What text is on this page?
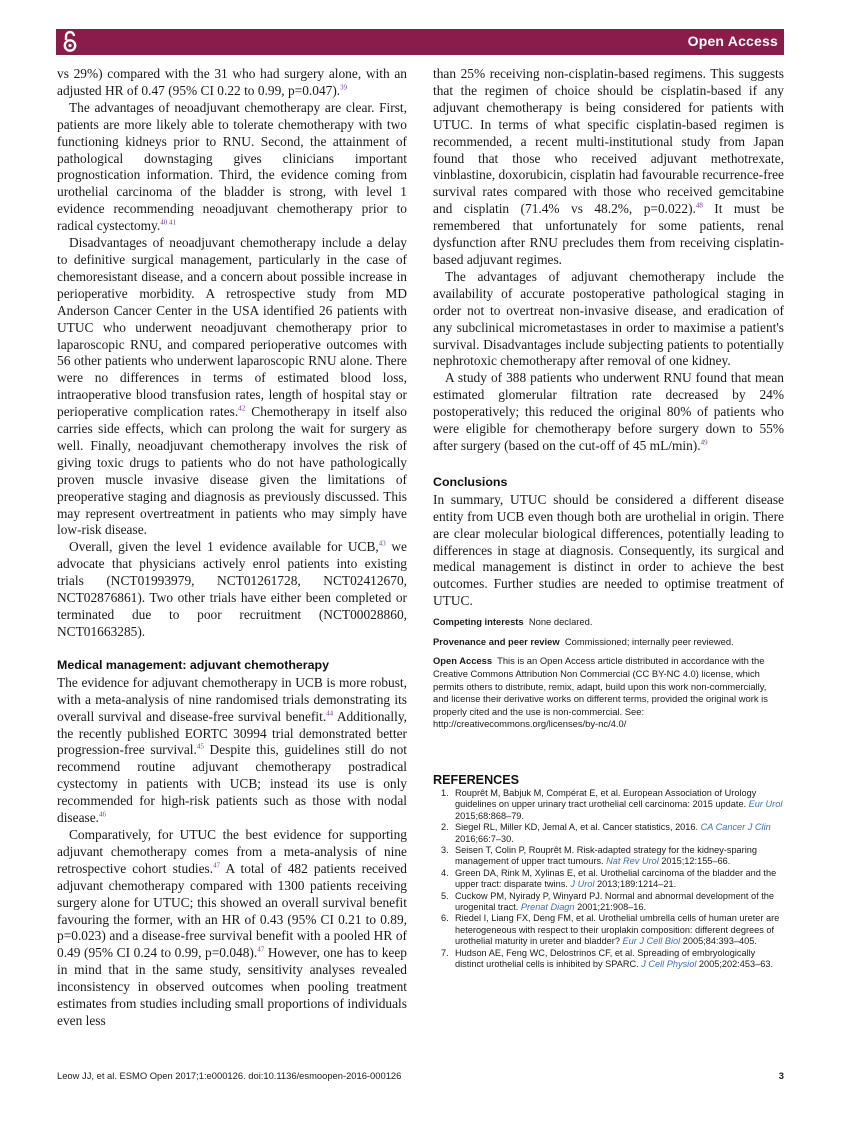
Open Access

vs 29%) compared with the 31 who had surgery alone, with an adjusted HR of 0.47 (95% CI 0.22 to 0.99, p=0.047).$^{39}$

The advantages of neoadjuvant chemotherapy are clear. First, patients are more likely able to tolerate chemotherapy with two functioning kidneys prior to RNU. Second, the attainment of pathological downstaging gives clinicians important prognostication information. Third, the evidence coming from urothelial carcinoma of the bladder is strong, with level 1 evidence recommending neoadjuvant chemotherapy prior to radical cystectomy.$^{40 41}$

Disadvantages of neoadjuvant chemotherapy include a delay to definitive surgical management, particularly in the case of chemoresistant disease, and a concern about possible increase in perioperative morbidity. A retrospective study from MD Anderson Cancer Center in the USA identified 26 patients with UTUC who underwent neoadjuvant chemotherapy prior to laparoscopic RNU, and compared perioperative outcomes with 56 other patients who underwent laparoscopic RNU alone. There were no differences in terms of estimated blood loss, intraoperative blood transfusion rates, length of hospital stay or perioperative complication rates.$^{42}$ Chemotherapy in itself also carries side effects, which can prolong the wait for surgery as well. Finally, neoadjuvant chemotherapy involves the risk of giving toxic drugs to patients who do not have pathologically proven muscle invasive disease given the limitations of preoperative staging and diagnosis as previously discussed. This may represent overtreatment in patients who may simply have low-risk disease.

Overall, given the level 1 evidence available for UCB,$^{43}$ we advocate that physicians actively enrol patients into existing trials (NCT01993979, NCT01261728, NCT02412670, NCT02876861). Two other trials have either been completed or terminated due to poor recruitment (NCT00028860, NCT01663285).

Medical management: adjuvant chemotherapy

The evidence for adjuvant chemotherapy in UCB is more robust, with a meta-analysis of nine randomised trials demonstrating its overall survival and disease-free survival benefit.$^{44}$ Additionally, the recently published EORTC 30994 trial demonstrated better progression-free survival.$^{45}$ Despite this, guidelines still do not recommend routine adjuvant chemotherapy postradical cystectomy in patients with UCB; instead its use is only recommended for high-risk patients such as those with nodal disease.$^{46}$

Comparatively, for UTUC the best evidence for supporting adjuvant chemotherapy comes from a meta-analysis of nine retrospective cohort studies.$^{47}$ A total of 482 patients received adjuvant chemotherapy compared with 1300 patients receiving surgery alone for UTUC; this showed an overall survival benefit favouring the former, with an HR of 0.43 (95% CI 0.21 to 0.89, p=0.023) and a disease-free survival benefit with a pooled HR of 0.49 (95% CI 0.24 to 0.99, p=0.048).$^{47}$ However, one has to keep in mind that in the same study, sensitivity analyses revealed inconsistency in observed outcomes when pooling treatment estimates from studies including small proportions of individuals even less

than 25% receiving non-cisplatin-based regimens. This suggests that the regimen of choice should be cisplatin-based if any adjuvant chemotherapy is being considered for patients with UTUC. In terms of what specific cisplatin-based regimen is recommended, a recent multi-institutional study from Japan found that those who received adjuvant methotrexate, vinblastine, doxorubicin, cisplatin had favourable recurrence-free survival rates compared with those who received gemcitabine and cisplatin (71.4% vs 48.2%, p=0.022).$^{48}$ It must be remembered that unfortunately for some patients, renal dysfunction after RNU precludes them from receiving cisplatin-based adjuvant regimes.

The advantages of adjuvant chemotherapy include the availability of accurate postoperative pathological staging in order not to overtreat non-invasive disease, and eradication of any subclinical micrometastases in order to maximise a patient's survival. Disadvantages include subjecting patients to potentially nephrotoxic chemotherapy after removal of one kidney.

A study of 388 patients who underwent RNU found that mean estimated glomerular filtration rate decreased by 24% postoperatively; this reduced the original 80% of patients who were eligible for chemotherapy before surgery down to 55% after surgery (based on the cut-off of 45 mL/min).$^{49}$

Conclusions

In summary, UTUC should be considered a different disease entity from UCB even though both are urothelial in origin. There are clear molecular biological differences, potentially leading to differences in stage at diagnosis. Consequently, its surgical and medical management is distinct in order to achieve the best outcomes. Further studies are needed to optimise treatment of UTUC.

Competing interests None declared.

Provenance and peer review Commissioned; internally peer reviewed.

Open Access This is an Open Access article distributed in accordance with the Creative Commons Attribution Non Commercial (CC BY-NC 4.0) license, which permits others to distribute, remix, adapt, build upon this work non-commercially, and license their derivative works on different terms, provided the original work is properly cited and the use is non-commercial. See: http://creativecommons.org/licenses/by-nc/4.0/

REFERENCES

1. Rouprêt M, Babjuk M, Compérat E, et al. European Association of Urology guidelines on upper urinary tract urothelial cell carcinoma: 2015 update. Eur Urol 2015;68:868–79.

2. Siegel RL, Miller KD, Jemal A, et al. Cancer statistics, 2016. CA Cancer J Clin 2016;66:7–30.

3. Seisen T, Colin P, Rouprêt M. Risk-adapted strategy for the kidney-sparing management of upper tract tumours. Nat Rev Urol 2015;12:155–66.

4. Green DA, Rink M, Xylinas E, et al. Urothelial carcinoma of the bladder and the upper tract: disparate twins. J Urol 2013;189:1214–21.

5. Cuckow PM, Nyirady P, Winyard PJ. Normal and abnormal development of the urogenital tract. Prenat Diagn 2001;21:908–16.

6. Riedel I, Liang FX, Deng FM, et al. Urothelial umbrella cells of human ureter are heterogeneous with respect to their uroplakin composition: different degrees of urothelial maturity in ureter and bladder? Eur J Cell Biol 2005;84:393–405.

7. Hudson AE, Feng WC, Delostrinos CF, et al. Spreading of embryologically distinct urothelial cells is inhibited by SPARC. J Cell Physiol 2005;202:453–63.

Leow JJ, et al. ESMO Open 2017;1:e000126. doi:10.1136/esmoopen-2016-000126	3
